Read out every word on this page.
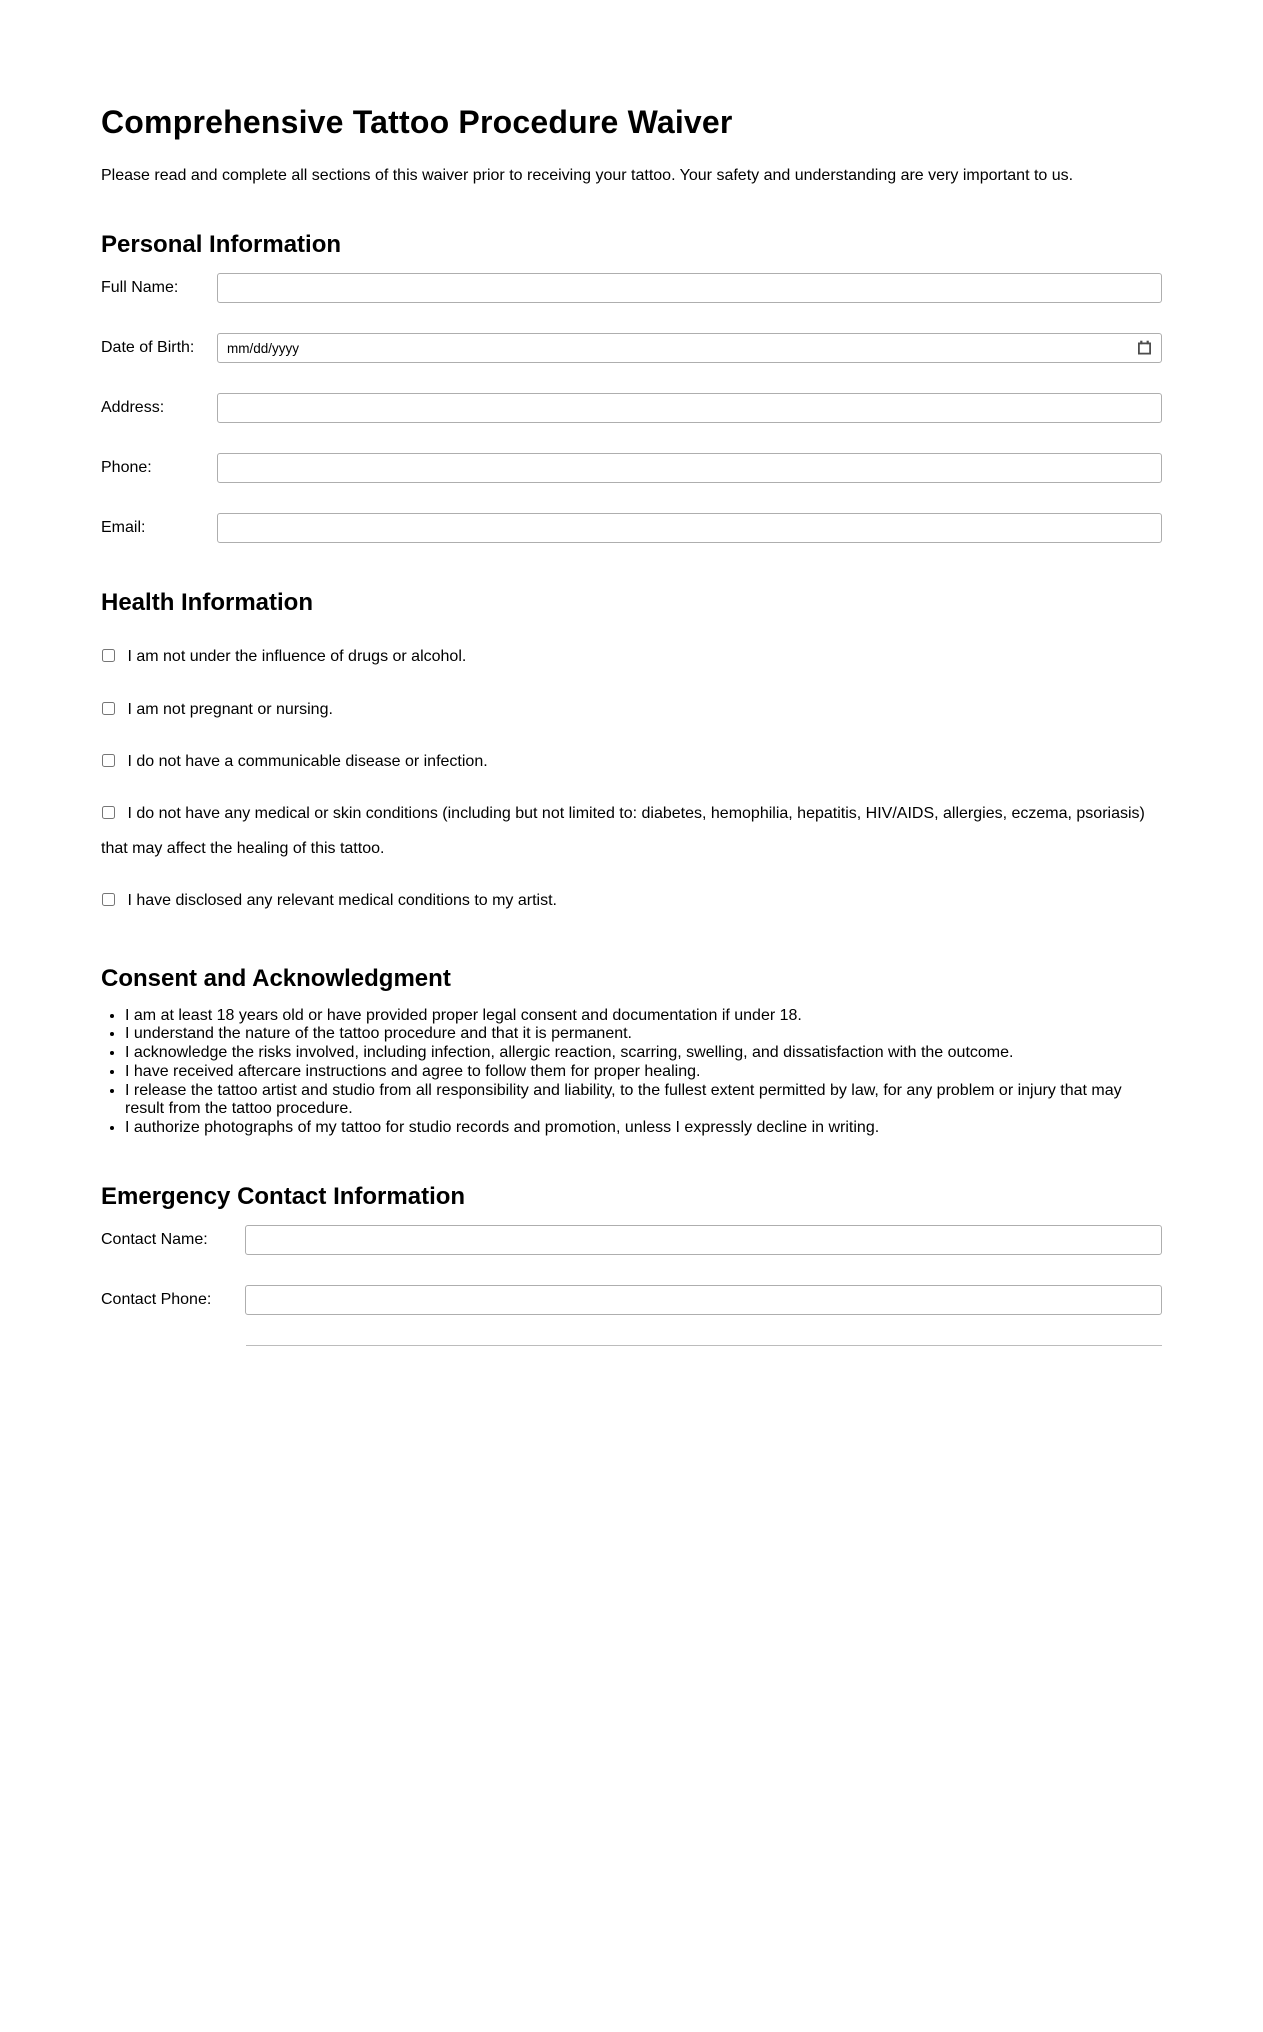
Comprehensive Tattoo Procedure Waiver

Please read and complete all sections of this waiver prior to receiving your tattoo. Your safety and understanding are very important to us.

Personal Information
Full Name:
Date of Birth:
mm/dd/yyyy
Address:
Phone:
Email:
Health Information

I am not under the influence of drugs or alcohol.

I am not pregnant or nursing.

I do not have a communicable disease or infection.

I do not have any medical or skin conditions (including but not limited to: diabetes, hemophilia, hepatitis, HIV/AIDS, allergies, eczema, psoriasis) that may affect the healing of this tattoo.

I have disclosed any relevant medical conditions to my artist.

Consent and Acknowledgment
• I am at least 18 years old or have provided proper legal consent and documentation if under 18.
• I understand the nature of the tattoo procedure and that it is permanent.
• I acknowledge the risks involved, including infection, allergic reaction, scarring, swelling, and dissatisfaction with the outcome.
• I have received aftercare instructions and agree to follow them for proper healing.
• I release the tattoo artist and studio from all responsibility and liability, to the fullest extent permitted by law, for any problem or injury that may result from the tattoo procedure.
• I authorize photographs of my tattoo for studio records and promotion, unless I expressly decline in writing.
Emergency Contact Information
Contact Name:
Contact Phone:
